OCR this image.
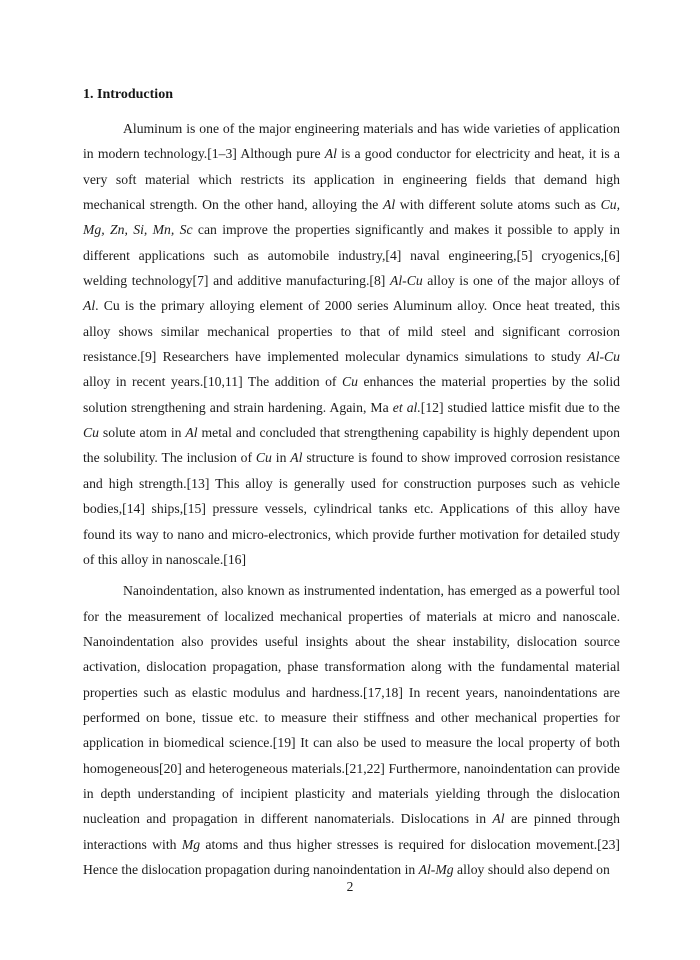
1. Introduction

Aluminum is one of the major engineering materials and has wide varieties of application in modern technology.[1–3] Although pure Al is a good conductor for electricity and heat, it is a very soft material which restricts its application in engineering fields that demand high mechanical strength. On the other hand, alloying the Al with different solute atoms such as Cu, Mg, Zn, Si, Mn, Sc can improve the properties significantly and makes it possible to apply in different applications such as automobile industry,[4] naval engineering,[5] cryogenics,[6] welding technology[7] and additive manufacturing.[8] Al-Cu alloy is one of the major alloys of Al. Cu is the primary alloying element of 2000 series Aluminum alloy. Once heat treated, this alloy shows similar mechanical properties to that of mild steel and significant corrosion resistance.[9] Researchers have implemented molecular dynamics simulations to study Al-Cu alloy in recent years.[10,11] The addition of Cu enhances the material properties by the solid solution strengthening and strain hardening. Again, Ma et al.[12] studied lattice misfit due to the Cu solute atom in Al metal and concluded that strengthening capability is highly dependent upon the solubility. The inclusion of Cu in Al structure is found to show improved corrosion resistance and high strength.[13] This alloy is generally used for construction purposes such as vehicle bodies,[14] ships,[15] pressure vessels, cylindrical tanks etc. Applications of this alloy have found its way to nano and micro-electronics, which provide further motivation for detailed study of this alloy in nanoscale.[16]

Nanoindentation, also known as instrumented indentation, has emerged as a powerful tool for the measurement of localized mechanical properties of materials at micro and nanoscale. Nanoindentation also provides useful insights about the shear instability, dislocation source activation, dislocation propagation, phase transformation along with the fundamental material properties such as elastic modulus and hardness.[17,18] In recent years, nanoindentations are performed on bone, tissue etc. to measure their stiffness and other mechanical properties for application in biomedical science.[19] It can also be used to measure the local property of both homogeneous[20] and heterogeneous materials.[21,22] Furthermore, nanoindentation can provide in depth understanding of incipient plasticity and materials yielding through the dislocation nucleation and propagation in different nanomaterials. Dislocations in Al are pinned through interactions with Mg atoms and thus higher stresses is required for dislocation movement.[23] Hence the dislocation propagation during nanoindentation in Al-Mg alloy should also depend on

2
